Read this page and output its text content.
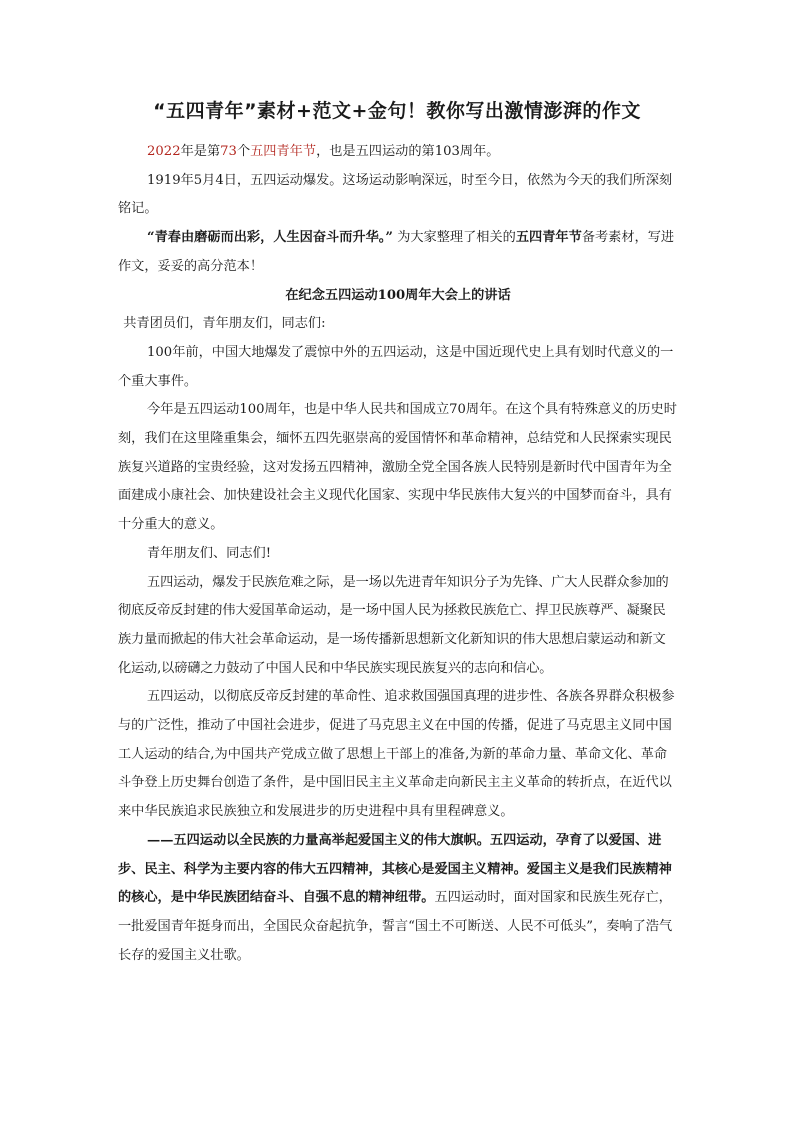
“五四青年”素材+范文+金句！教你写出激情澎湃的作文

2022年是第73个五四青年节，也是五四运动的第103周年。

1919年5月4日，五四运动爆发。这场运动影响深远，时至今日，依然为今天的我们所深刻铭记。

“青春由磨砺而出彩，人生因奋斗而升华。” 为大家整理了相关的五四青年节备考素材，写进作文，妥妥的高分范本！

在纪念五四运动100周年大会上的讲话

共青团员们，青年朋友们，同志们:

100年前，中国大地爆发了震惊中外的五四运动，这是中国近现代史上具有划时代意义的一个重大事件。

今年是五四运动100周年，也是中华人民共和国成立70周年。在这个具有特殊意义的历史时刻，我们在这里隆重集会，缅怀五四先驱崇高的爱国情怀和革命精神，总结党和人民探索实现民族复兴道路的宝贵经验，这对发扬五四精神，激励全党全国各族人民特别是新时代中国青年为全面建成小康社会、加快建设社会主义现代化国家、实现中华民族伟大复兴的中国梦而奋斗，具有十分重大的意义。

青年朋友们、同志们!

五四运动，爆发于民族危难之际，是一场以先进青年知识分子为先锋、广大人民群众参加的彻底反帝反封建的伟大爱国革命运动，是一场中国人民为拯救民族危亡、捍卫民族尊严、凝聚民族力量而掀起的伟大社会革命运动，是一场传播新思想新文化新知识的伟大思想启蒙运动和新文化运动,以磅礴之力鼓动了中国人民和中华民族实现民族复兴的志向和信心。

五四运动，以彻底反帝反封建的革命性、追求救国强国真理的进步性、各族各界群众积极参与的广泛性，推动了中国社会进步，促进了马克思主义在中国的传播，促进了马克思主义同中国工人运动的结合,为中国共产党成立做了思想上干部上的准备,为新的革命力量、革命文化、革命斗争登上历史舞台创造了条件，是中国旧民主主义革命走向新民主主义革命的转折点，在近代以来中华民族追求民族独立和发展进步的历史进程中具有里程碑意义。

——五四运动以全民族的力量高举起爱国主义的伟大旗帜。五四运动，孕育了以爱国、进步、民主、科学为主要内容的伟大五四精神，其核心是爱国主义精神。爱国主义是我们民族精神的核心，是中华民族团结奋斗、自强不息的精神纽带。五四运动时，面对国家和民族生死存亡，一批爱国青年挺身而出，全国民众奋起抗争，誓言“国土不可断送、人民不可低头”，奏响了浩气长存的爱国主义壮歌。
